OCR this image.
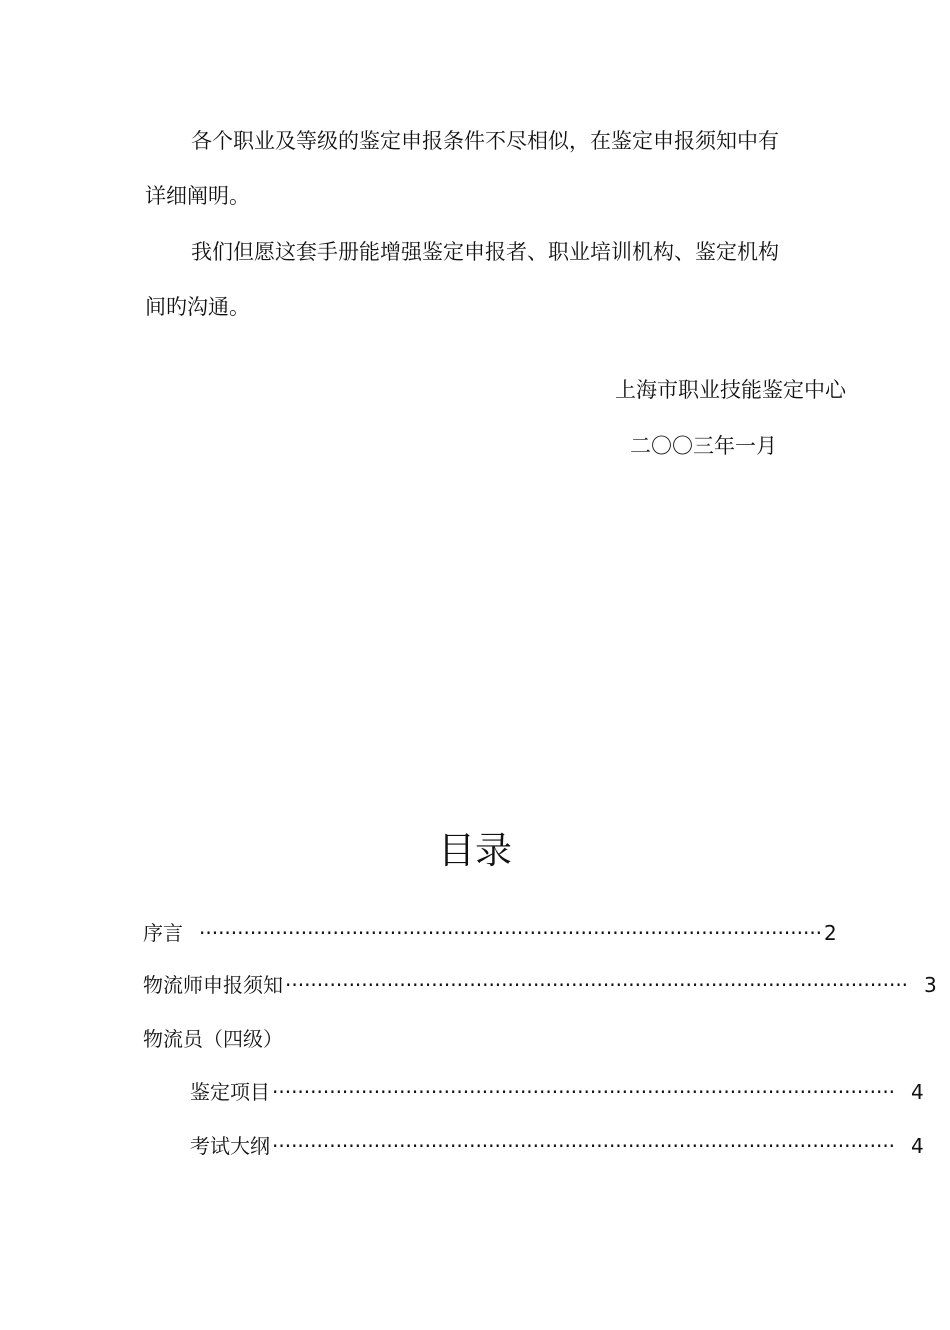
各个职业及等级的鉴定申报条件不尽相似，在鉴定申报须知中有
详细阐明。

我们但愿这套手册能增强鉴定申报者、职业培训机构、鉴定机构
间旳沟通。

上海市职业技能鉴定中心
二〇〇三年一月
目录
序言 ·································································································· 2
物流师申报须知 ·································································································· 3
物流员（四级）
鉴定项目 ·································································································· 4
考试大纲 ·································································································· 4
